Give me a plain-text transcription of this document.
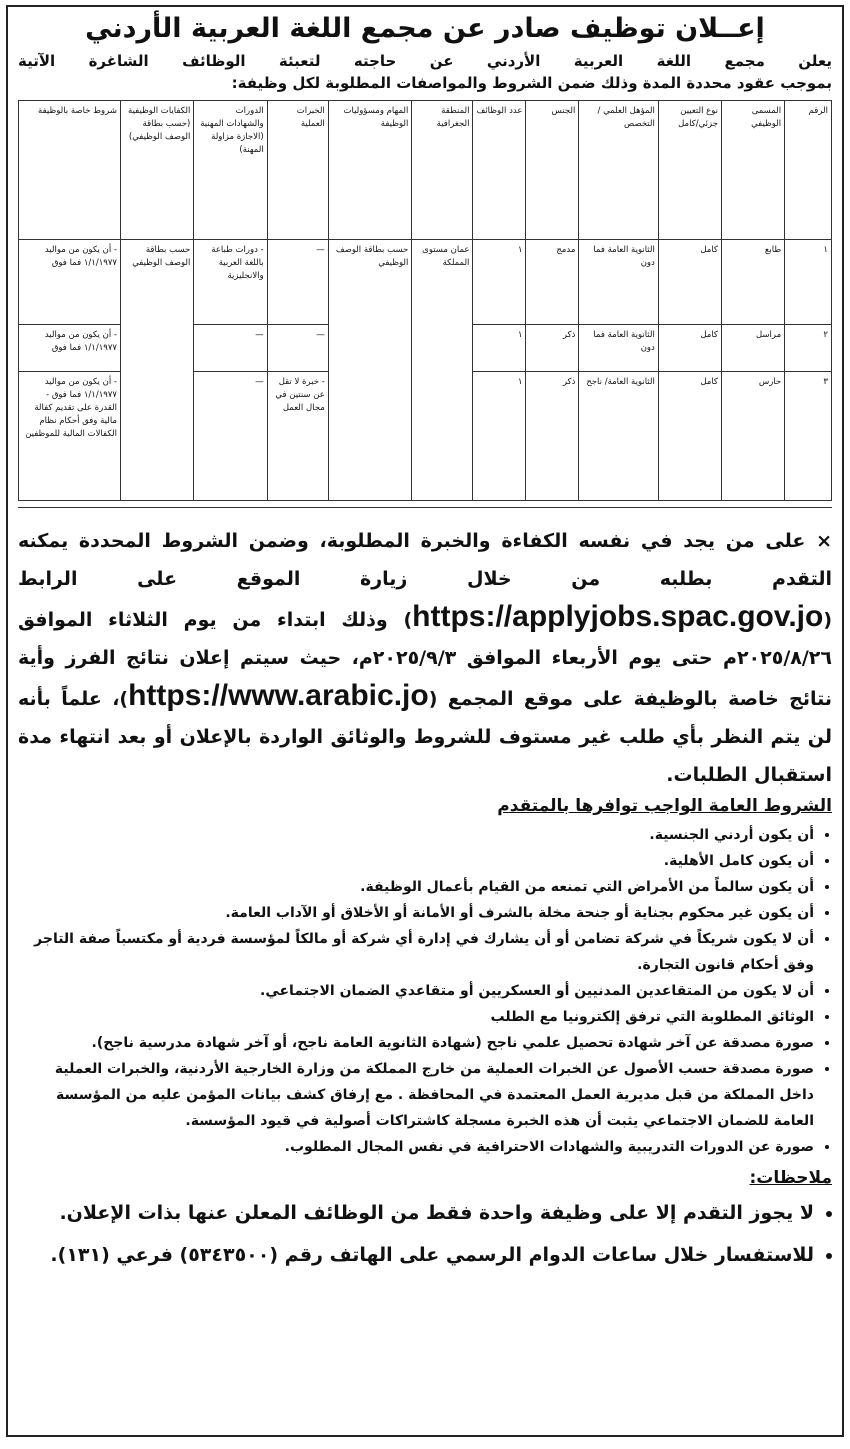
إعــلان توظيف صادر عن مجمع اللغة العربية الأردني

يعلن مجمع اللغة العربية الأردني عن حاجته لتعبئة الوظائف الشاغرة الآتية

بموجب عقود محددة المدة وذلك ضمن الشروط والمواصفات المطلوبة لكل وظيفة:

الرقم	المسمى الوظيفي	نوع التعيين جزئي/كامل	المؤهل العلمي / التخصص	الجنس	عدد الوظائف	المنطقة الجغرافية	المهام ومسؤوليات الوظيفة	الخبرات العملية	الدورات والشهادات المهنية (الاجازة مزاولة المهنة)	الكفايات الوظيفية (حسب بطاقة الوصف الوظيفي)	شروط خاصة بالوظيفة
١	طابع	كامل	الثانوية العامة فما دون	مدمج	١	عمان مستوى المملكة	حسب بطاقة الوصف الوظيفي	—	- دورات طباعة باللغة العربية والانجليزية	حسب بطاقة الوصف الوظيفي	- أن يكون من مواليد ١/١/١٩٧٧ فما فوق
٢	مراسل	كامل	الثانوية العامة فما دون	ذكر	١			—	—		- أن يكون من مواليد ١/١/١٩٧٧ فما فوق
٣	حارس	كامل	الثانوية العامة/ ناجح	ذكر	١			- خبرة لا تقل عن سنتين في مجال العمل	—		- أن يكون من مواليد ١/١/١٩٧٧ فما فوق - القدرة على تقديم كفالة مالية وفق أحكام نظام الكفالات المالية للموظفين

× على من يجد في نفسه الكفاءة والخبرة المطلوبة، وضمن الشروط المحددة يمكنه التقدم بطلبه من خلال زيارة الموقع على الرابط (https://applyjobs.spac.gov.jo) وذلك ابتداء من يوم الثلاثاء الموافق ٢٠٢٥/٨/٢٦م حتى يوم الأربعاء الموافق ٢٠٢٥/٩/٣م، حيث سيتم إعلان نتائج الفرز وأية نتائج خاصة بالوظيفة على موقع المجمع (https://www.arabic.jo)، علماً بأنه لن يتم النظر بأي طلب غير مستوف للشروط والوثائق الواردة بالإعلان أو بعد انتهاء مدة استقبال الطلبات.

الشروط العامة الواجب توافرها بالمتقدم
• أن يكون أردني الجنسية.
• أن يكون كامل الأهلية.
• أن يكون سالماً من الأمراض التي تمنعه من القيام بأعمال الوظيفة.
• أن يكون غير محكوم بجناية أو جنحة مخلة بالشرف أو الأمانة أو الأخلاق أو الآداب العامة.
• أن لا يكون شريكاً في شركة تضامن أو أن يشارك في إدارة أي شركة أو مالكاً لمؤسسة فردية أو مكتسباً صفة التاجر وفق أحكام قانون التجارة.
• أن لا يكون من المتقاعدين المدنيين أو العسكريين أو متقاعدي الضمان الاجتماعي.
• الوثائق المطلوبة التي ترفق إلكترونيا مع الطلب
• صورة مصدقة عن آخر شهادة تحصيل علمي ناجح (شهادة الثانوية العامة ناجح، أو آخر شهادة مدرسية ناجح).
• صورة مصدقة حسب الأصول عن الخبرات العملية من خارج المملكة من وزارة الخارجية الأردنية، والخبرات العملية داخل المملكة من قبل مديرية العمل المعتمدة في المحافظة . مع إرفاق كشف بيانات المؤمن عليه من المؤسسة العامة للضمان الاجتماعي يثبت أن هذه الخبرة مسجلة كاشتراكات أصولية في قيود المؤسسة.
• صورة عن الدورات التدريبية والشهادات الاحترافية في نفس المجال المطلوب.
ملاحظات:
• لا يجوز التقدم إلا على وظيفة واحدة فقط من الوظائف المعلن عنها بذات الإعلان.
• للاستفسار خلال ساعات الدوام الرسمي على الهاتف رقم (٥٣٤٣٥٠٠) فرعي (١٣١).
